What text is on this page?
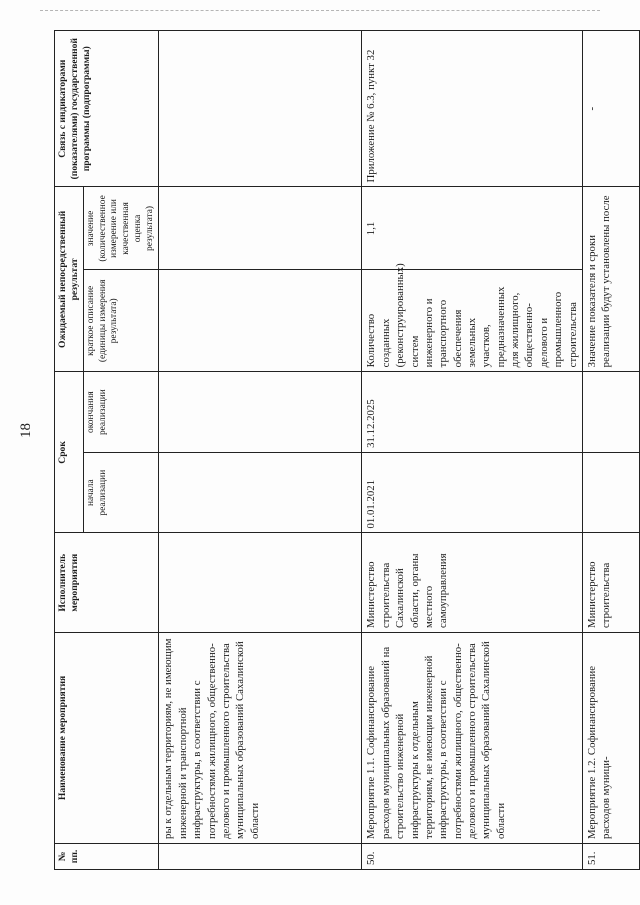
18
№ пп.	Наименование мероприятия	Исполнитель мероприятия	Срок		Ожидаемый непосредственный результат		Связь с индикаторами (показателями) государственной программы (подпрограммы)
			начала реализации	окончания реализации	краткое описание (единицы измерения результата)	значение (количественное измерение или качественная оценка результата)	
	ры к отдельным территориям, не имеющим инженерной и транспортной инфраструктуры, в соответствии с потребностями жилищного, общественно-делового и промышленного строительства муниципальных образований Сахалинской области						
50.	Мероприятие 1.1. Софинансирование расходов муниципальных образований на строительство инженерной инфраструктуры к отдельным территориям, не имеющим инженерной инфраструктуры, в соответствии с потребностями жилищного, общественно-делового и промышленного строительства муниципальных образований Сахалинской области	Министерство строительства Сахалинской области, органы местного самоуправления	01.01.2021	31.12.2025	Количество созданных (реконструированных) систем инженерного и транспортного обеспечения земельных участков, предназначенных для жилищного, общественно-делового и промышленного строительства	1,1	Приложение № 6.3, пункт 32
51.	Мероприятие 1.2. Софинансирование расходов муници-	Министерство строительства			Значение показателя и сроки реализации будут установлены после		-
